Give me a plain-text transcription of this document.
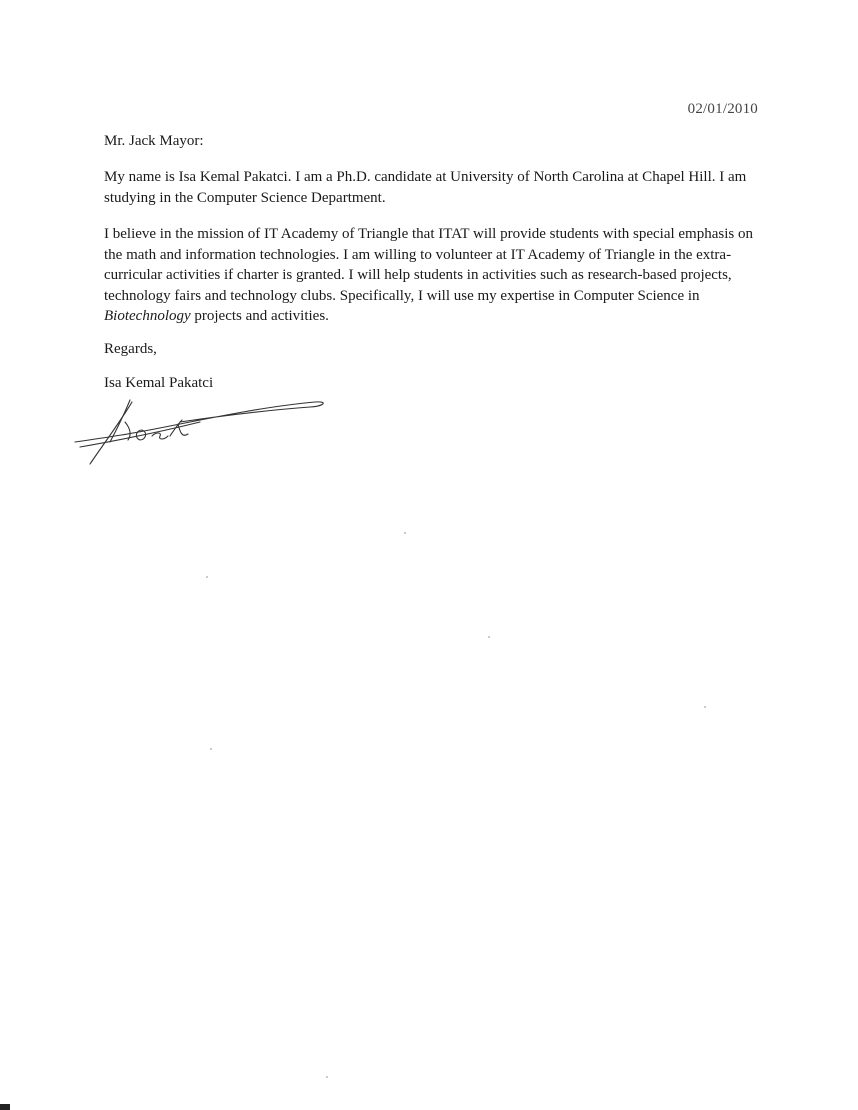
02/01/2010
Mr. Jack Mayor:
My name is Isa Kemal Pakatci. I am a Ph.D. candidate at University of North Carolina at Chapel Hill. I am studying in the Computer Science Department.
I believe in the mission of IT Academy of Triangle that ITAT will provide students with special emphasis on the math and information technologies. I am willing to volunteer at IT Academy of Triangle in the extra-curricular activities if charter is granted. I will help students in activities such as research-based projects, technology fairs and technology clubs. Specifically, I will use my expertise in Computer Science in Biotechnology projects and activities.
Regards,
Isa Kemal Pakatci
